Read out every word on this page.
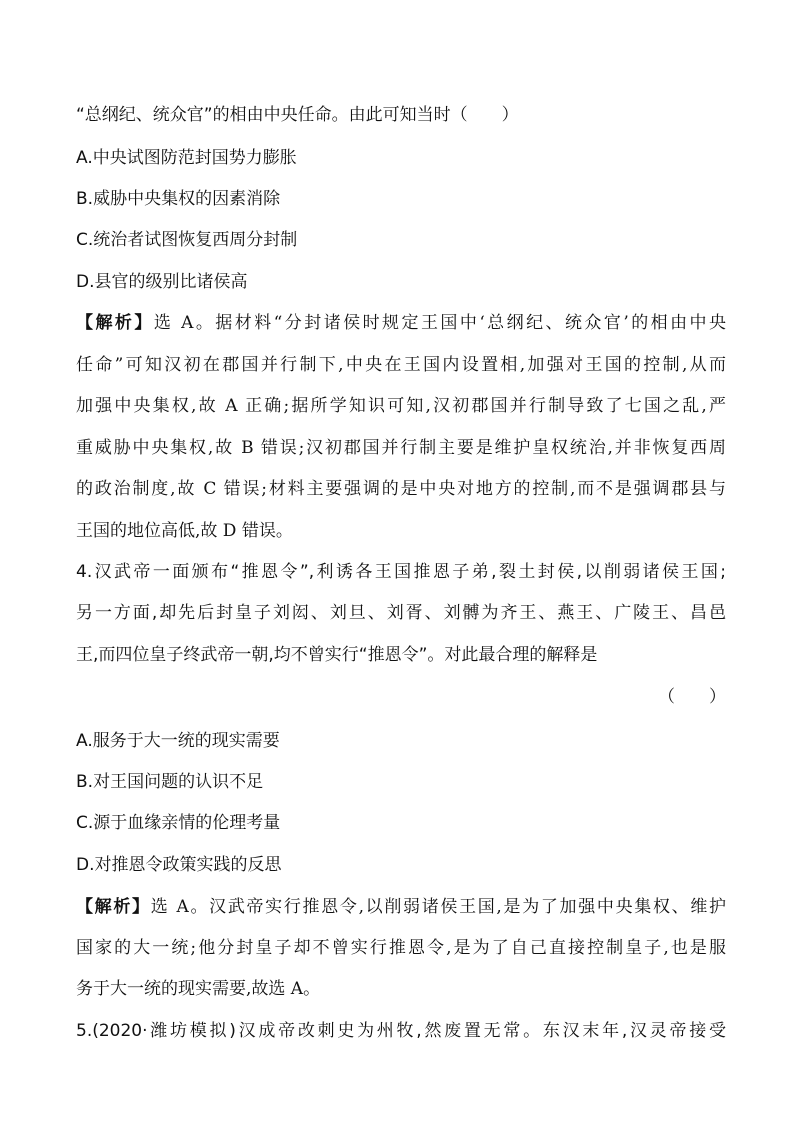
“总纲纪、统众官”的相由中央任命。由此可知当时（　　）
A.中央试图防范封国势力膨胀
B.威胁中央集权的因素消除
C.统治者试图恢复西周分封制
D.县官的级别比诸侯高
【解析】选 A。据材料“分封诸侯时规定王国中‘总纲纪、统众官’的相由中央
任命”可知汉初在郡国并行制下,中央在王国内设置相,加强对王国的控制,从而
加强中央集权,故 A 正确;据所学知识可知,汉初郡国并行制导致了七国之乱,严
重威胁中央集权,故 B 错误;汉初郡国并行制主要是维护皇权统治,并非恢复西周
的政治制度,故 C 错误;材料主要强调的是中央对地方的控制,而不是强调郡县与
王国的地位高低,故 D 错误。
4.汉武帝一面颁布“推恩令”,利诱各王国推恩子弟,裂土封侯,以削弱诸侯王国;
另一方面,却先后封皇子刘闳、刘旦、刘胥、刘髆为齐王、燕王、广陵王、昌邑
王,而四位皇子终武帝一朝,均不曾实行“推恩令”。对此最合理的解释是
（　　）
A.服务于大一统的现实需要
B.对王国问题的认识不足
C.源于血缘亲情的伦理考量
D.对推恩令政策实践的反思
【解析】选 A。汉武帝实行推恩令,以削弱诸侯王国,是为了加强中央集权、维护
国家的大一统;他分封皇子却不曾实行推恩令,是为了自己直接控制皇子,也是服
务于大一统的现实需要,故选 A。
5.(2020·潍坊模拟)汉成帝改刺史为州牧,然废置无常。东汉末年,汉灵帝接受
